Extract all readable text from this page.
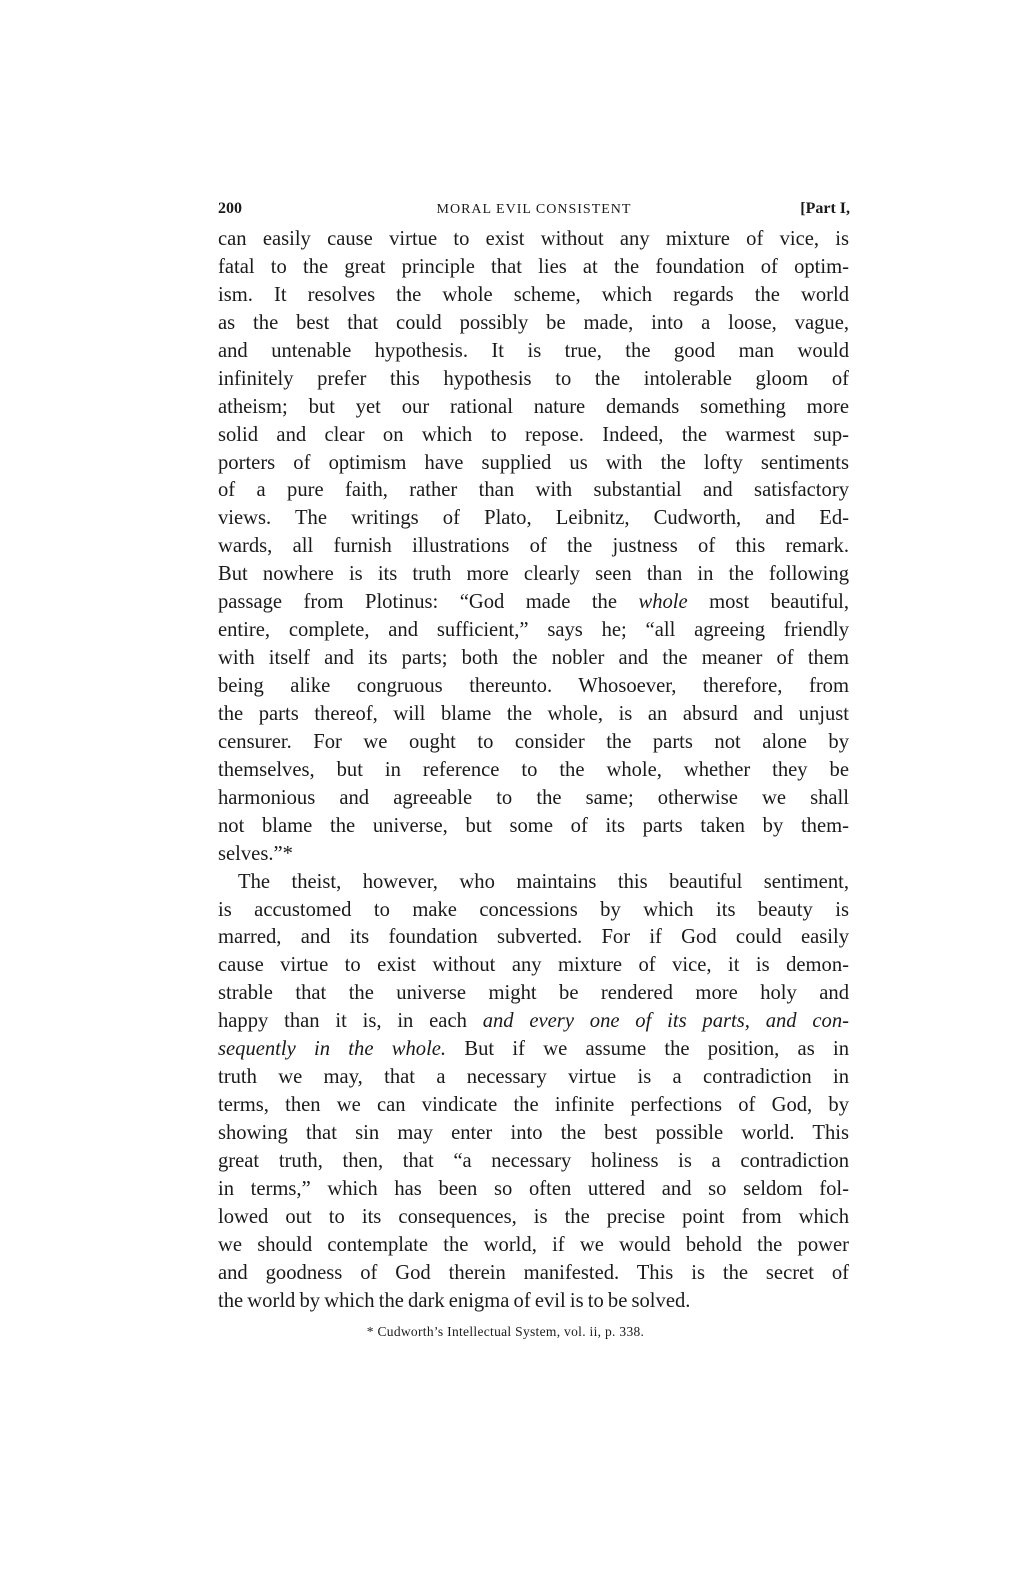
200	MORAL EVIL CONSISTENT	[Part I,
can easily cause virtue to exist without any mixture of vice, is
fatal to the great principle that lies at the foundation of optim-
ism. It resolves the whole scheme, which regards the world
as the best that could possibly be made, into a loose, vague,
and untenable hypothesis. It is true, the good man would
infinitely prefer this hypothesis to the intolerable gloom of
atheism; but yet our rational nature demands something more
solid and clear on which to repose. Indeed, the warmest sup-
porters of optimism have supplied us with the lofty sentiments
of a pure faith, rather than with substantial and satisfactory
views. The writings of Plato, Leibnitz, Cudworth, and Ed-
wards, all furnish illustrations of the justness of this remark.
But nowhere is its truth more clearly seen than in the following
passage from Plotinus: “God made the whole most beautiful,
entire, complete, and sufficient,” says he; “all agreeing friendly
with itself and its parts; both the nobler and the meaner of them
being alike congruous thereunto. Whosoever, therefore, from
the parts thereof, will blame the whole, is an absurd and unjust
censurer. For we ought to consider the parts not alone by
themselves, but in reference to the whole, whether they be
harmonious and agreeable to the same; otherwise we shall
not blame the universe, but some of its parts taken by them-
selves.”*
The theist, however, who maintains this beautiful sentiment,
is accustomed to make concessions by which its beauty is
marred, and its foundation subverted. For if God could easily
cause virtue to exist without any mixture of vice, it is demon-
strable that the universe might be rendered more holy and
happy than it is, in each and every one of its parts, and con-
sequently in the whole. But if we assume the position, as in
truth we may, that a necessary virtue is a contradiction in
terms, then we can vindicate the infinite perfections of God, by
showing that sin may enter into the best possible world. This
great truth, then, that “a necessary holiness is a contradiction
in terms,” which has been so often uttered and so seldom fol-
lowed out to its consequences, is the precise point from which
we should contemplate the world, if we would behold the power
and goodness of God therein manifested. This is the secret of
the world by which the dark enigma of evil is to be solved.
* Cudworth’s Intellectual System, vol. ii, p. 338.
